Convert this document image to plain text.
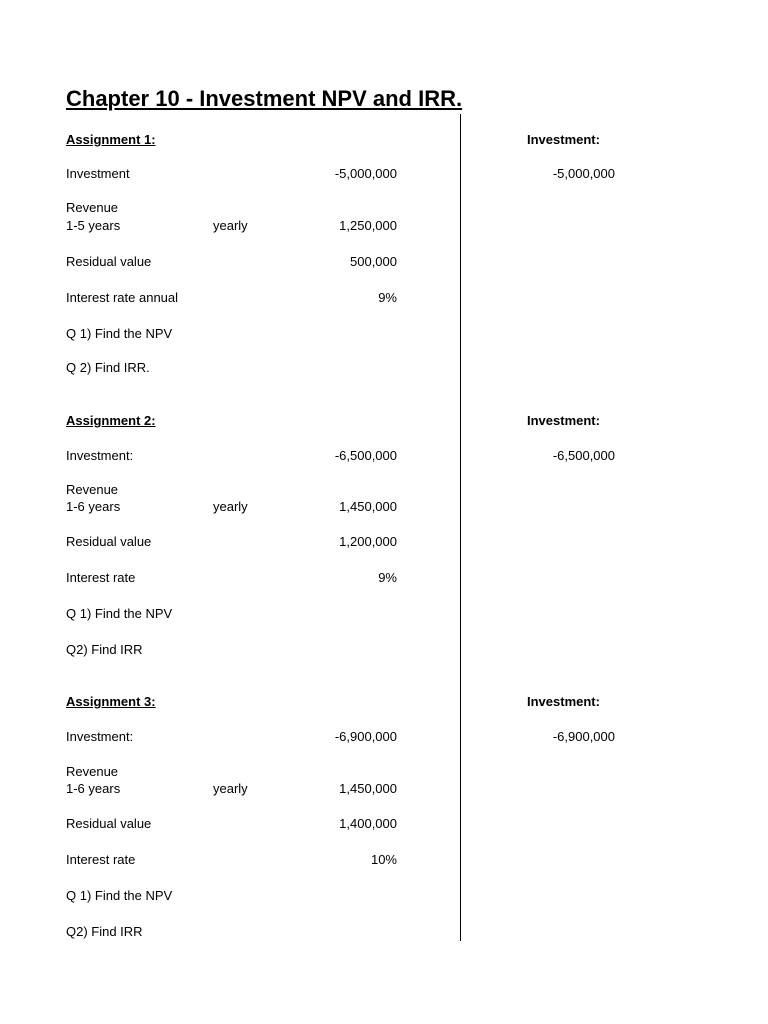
Chapter 10 - Investment NPV and IRR.
Assignment 1:	Investment:
Investment	-5,000,000	-5,000,000
Revenue
1-5 years	yearly	1,250,000
Residual value	500,000
Interest rate annual	9%
Q 1) Find the NPV
Q 2) Find IRR.
Assignment 2:	Investment:
Investment:	-6,500,000	-6,500,000
Revenue
1-6 years	yearly	1,450,000
Residual value	1,200,000
Interest rate	9%
Q 1) Find the NPV
Q2) Find IRR
Assignment 3:	Investment:
Investment:	-6,900,000	-6,900,000
Revenue
1-6 years	yearly	1,450,000
Residual value	1,400,000
Interest rate	10%
Q 1) Find the NPV
Q2) Find IRR
